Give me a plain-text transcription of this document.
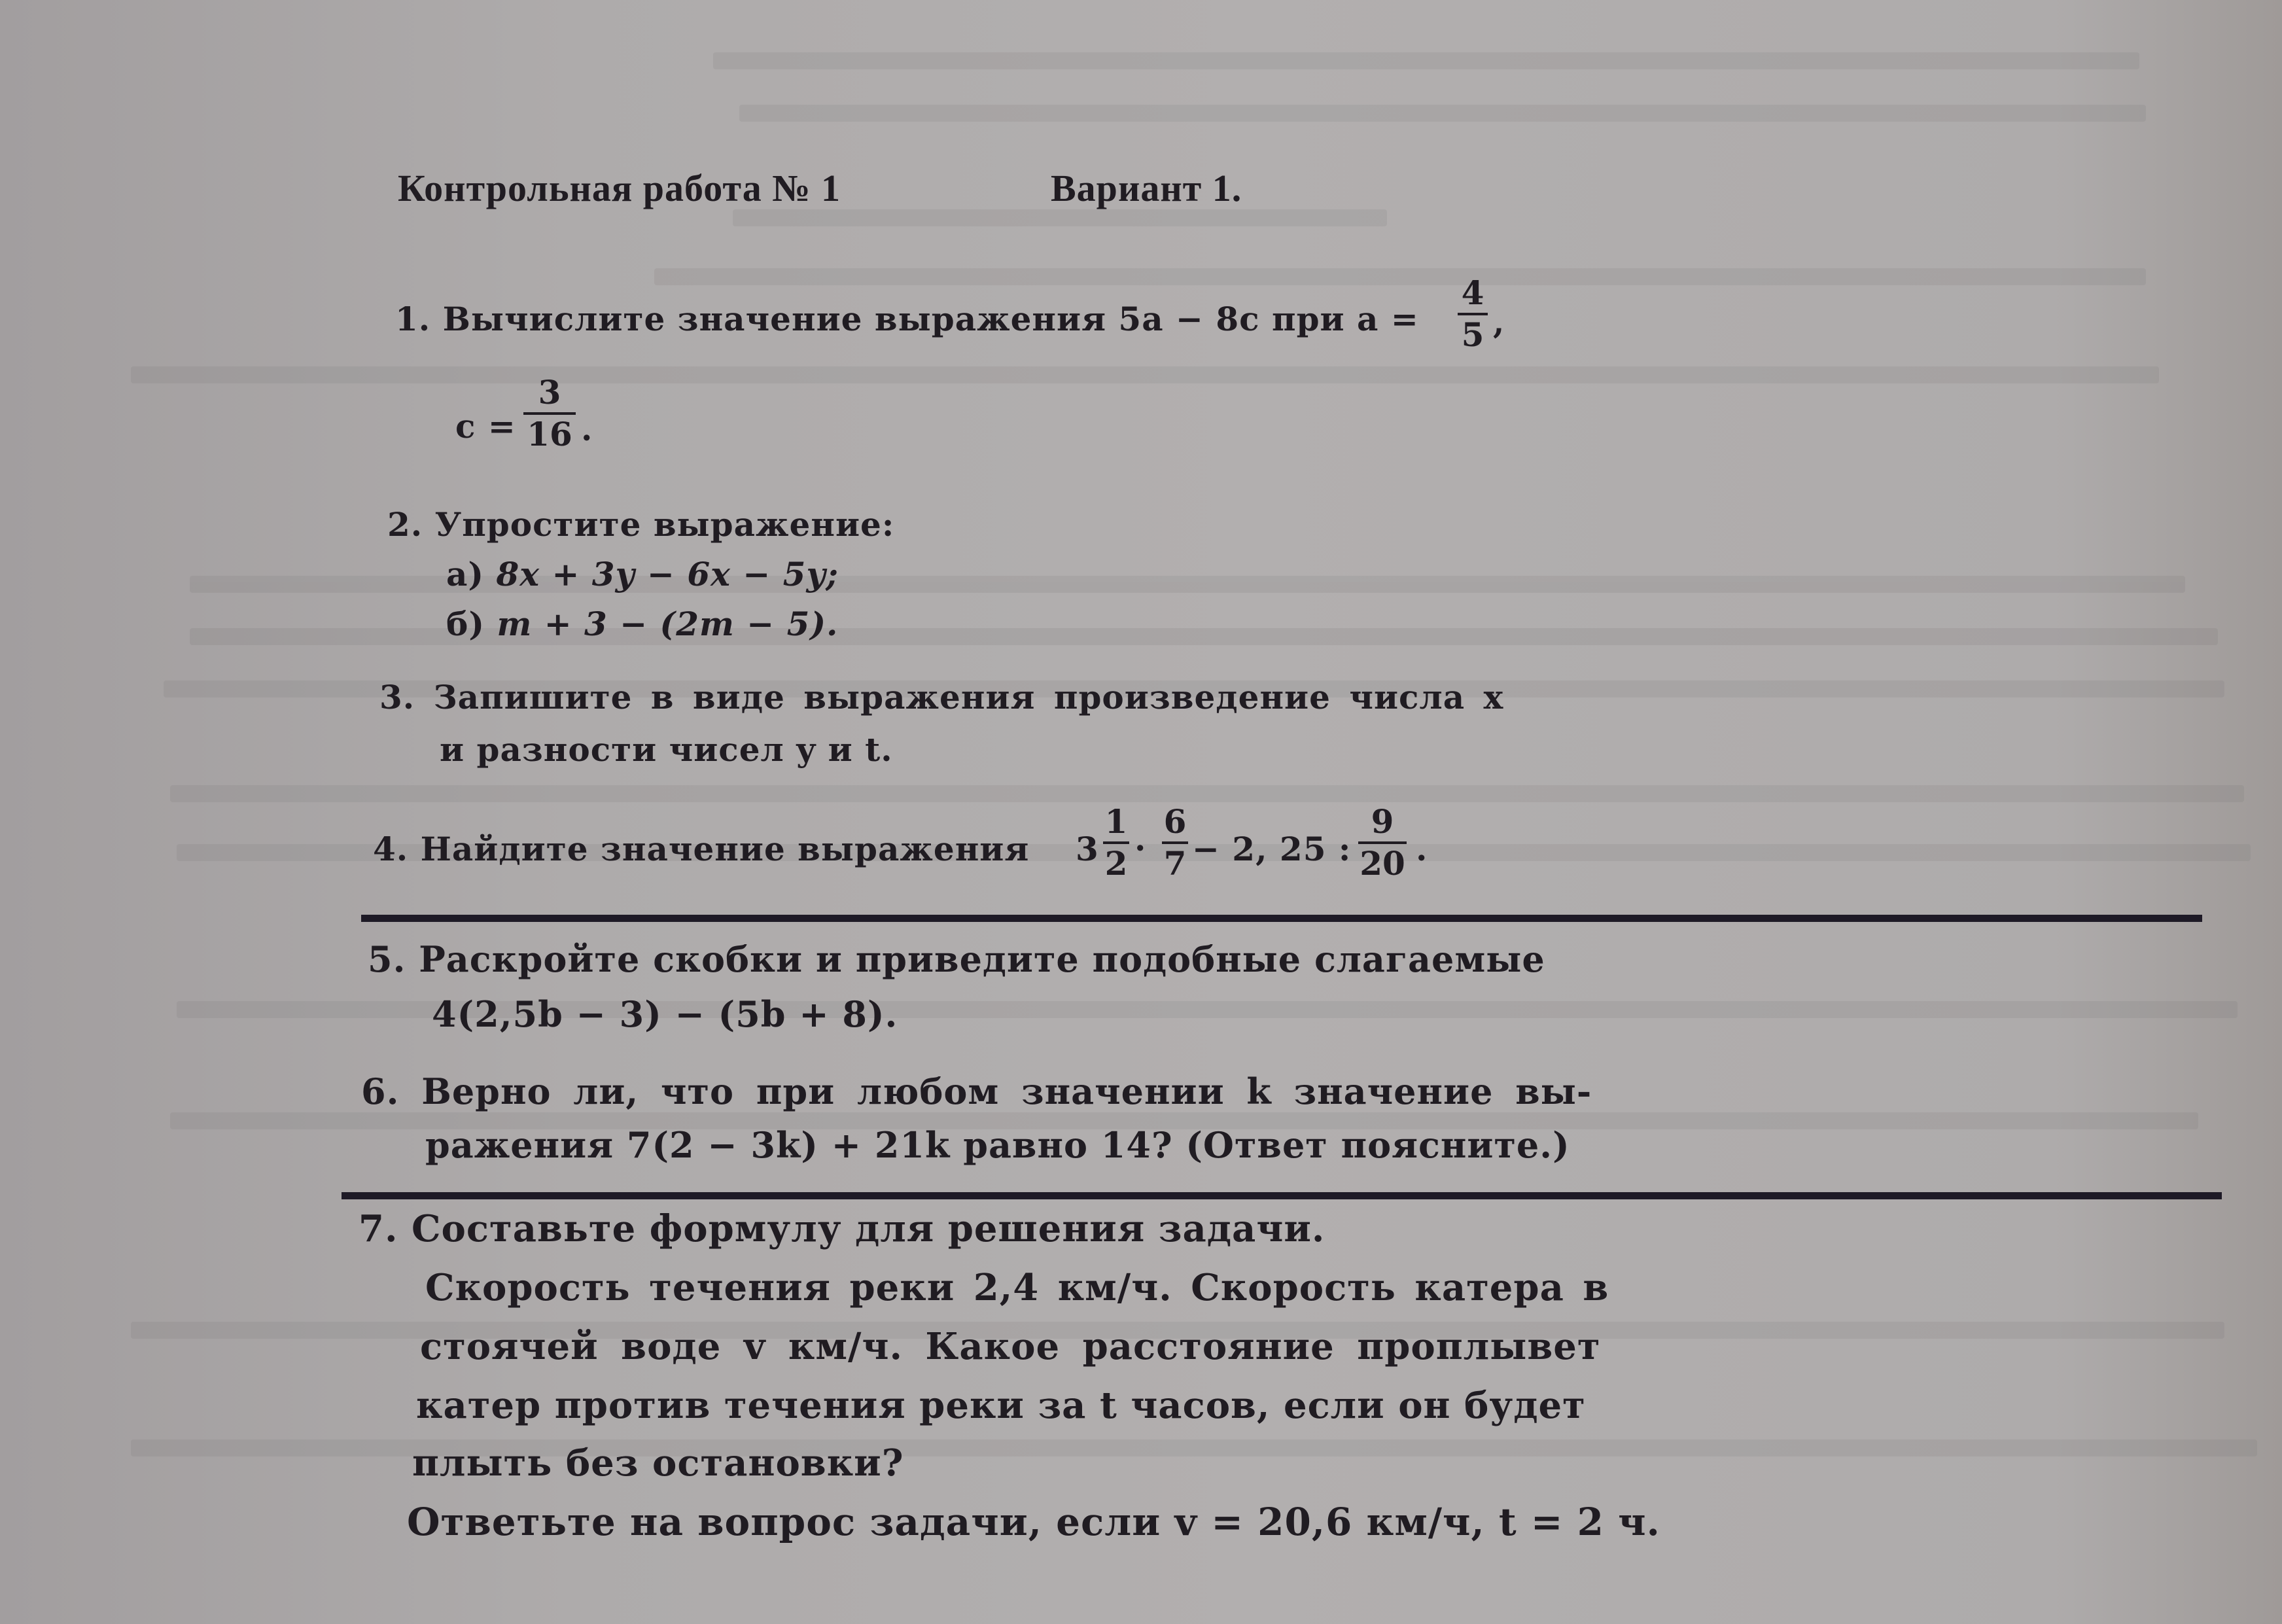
Контрольная работа № 1	Вариант 1.
1. Вычислите значение выражения 5a − 8c при a =
4
5 ,
c =
3
16 .
2. Упростите выражение:
а) 8x + 3y − 6x − 5y;
б) m + 3 − (2m − 5).
3. Запишите в виде выражения произведение числа x
и разности чисел y и t.
4. Найдите значение выражения 3
1
2 ·
6
7 − 2, 25 :
9
20 .
5. Раскройте скобки и приведите подобные слагаемые
4(2,5b − 3) − (5b + 8).
6. Верно ли, что при любом значении k значение вы-
ражения 7(2 − 3k) + 21k равно 14? (Ответ поясните.)
7. Составьте формулу для решения задачи.
Скорость течения реки 2,4 км/ч. Скорость катера в
стоячей воде v км/ч. Какое расстояние проплывет
катер против течения реки за t часов, если он будет
плыть без остановки?
Ответьте на вопрос задачи, если v = 20,6 км/ч, t = 2 ч.
